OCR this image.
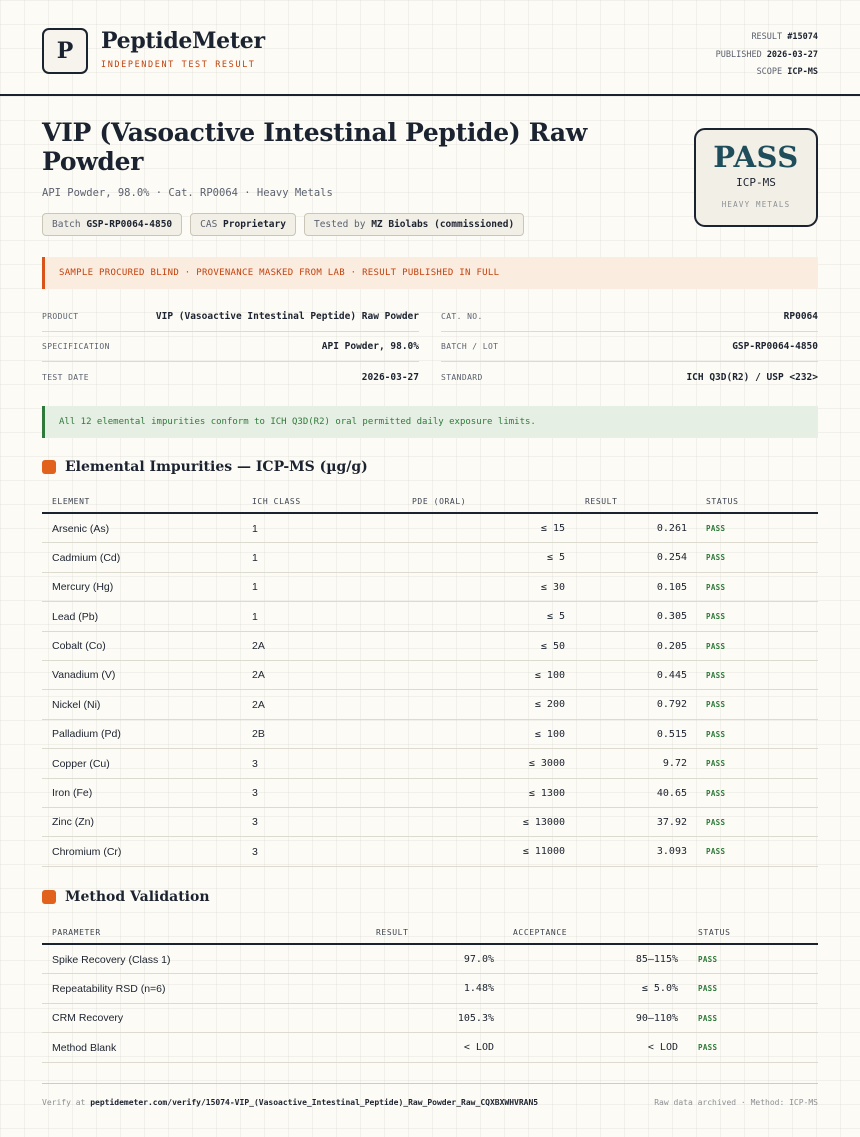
P	PeptideMeter
INDEPENDENT TEST RESULT
RESULT #15074
PUBLISHED 2026-03-27
SCOPE ICP-MS
VIP (Vasoactive Intestinal Peptide) Raw Powder
API Powder, 98.0% · Cat. RP0064 · Heavy Metals
Batch GSP-RP0064-4850	CAS Proprietary	Tested by MZ Biolabs (commissioned)
PASS
ICP-MS
HEAVY METALS
SAMPLE PROCURED BLIND · PROVENANCE MASKED FROM LAB · RESULT PUBLISHED IN FULL
PRODUCT	VIP (Vasoactive Intestinal Peptide) Raw Powder
SPECIFICATION	API Powder, 98.0%
TEST DATE	2026-03-27
CAT. NO.	RP0064
BATCH / LOT	GSP-RP0064-4850
STANDARD	ICH Q3D(R2) / USP <232>
All 12 elemental impurities conform to ICH Q3D(R2) oral permitted daily exposure limits.
Elemental Impurities — ICP-MS (µg/g)
ELEMENT	ICH CLASS	PDE (ORAL)	RESULT	STATUS
Arsenic (As)	1	≤ 15	0.261	PASS
Cadmium (Cd)	1	≤ 5	0.254	PASS
Mercury (Hg)	1	≤ 30	0.105	PASS
Lead (Pb)	1	≤ 5	0.305	PASS
Cobalt (Co)	2A	≤ 50	0.205	PASS
Vanadium (V)	2A	≤ 100	0.445	PASS
Nickel (Ni)	2A	≤ 200	0.792	PASS
Palladium (Pd)	2B	≤ 100	0.515	PASS
Copper (Cu)	3	≤ 3000	9.72	PASS
Iron (Fe)	3	≤ 1300	40.65	PASS
Zinc (Zn)	3	≤ 13000	37.92	PASS
Chromium (Cr)	3	≤ 11000	3.093	PASS
Method Validation
PARAMETER	RESULT	ACCEPTANCE	STATUS
Spike Recovery (Class 1)	97.0%	85–115%	PASS
Repeatability RSD (n=6)	1.48%	≤ 5.0%	PASS
CRM Recovery	105.3%	90–110%	PASS
Method Blank	< LOD	< LOD	PASS
Verify at peptidemeter.com/verify/15074-VIP_(Vasoactive_Intestinal_Peptide)_Raw_Powder_Raw_CQXBXWHVRAN5	Raw data archived · Method: ICP-MS
